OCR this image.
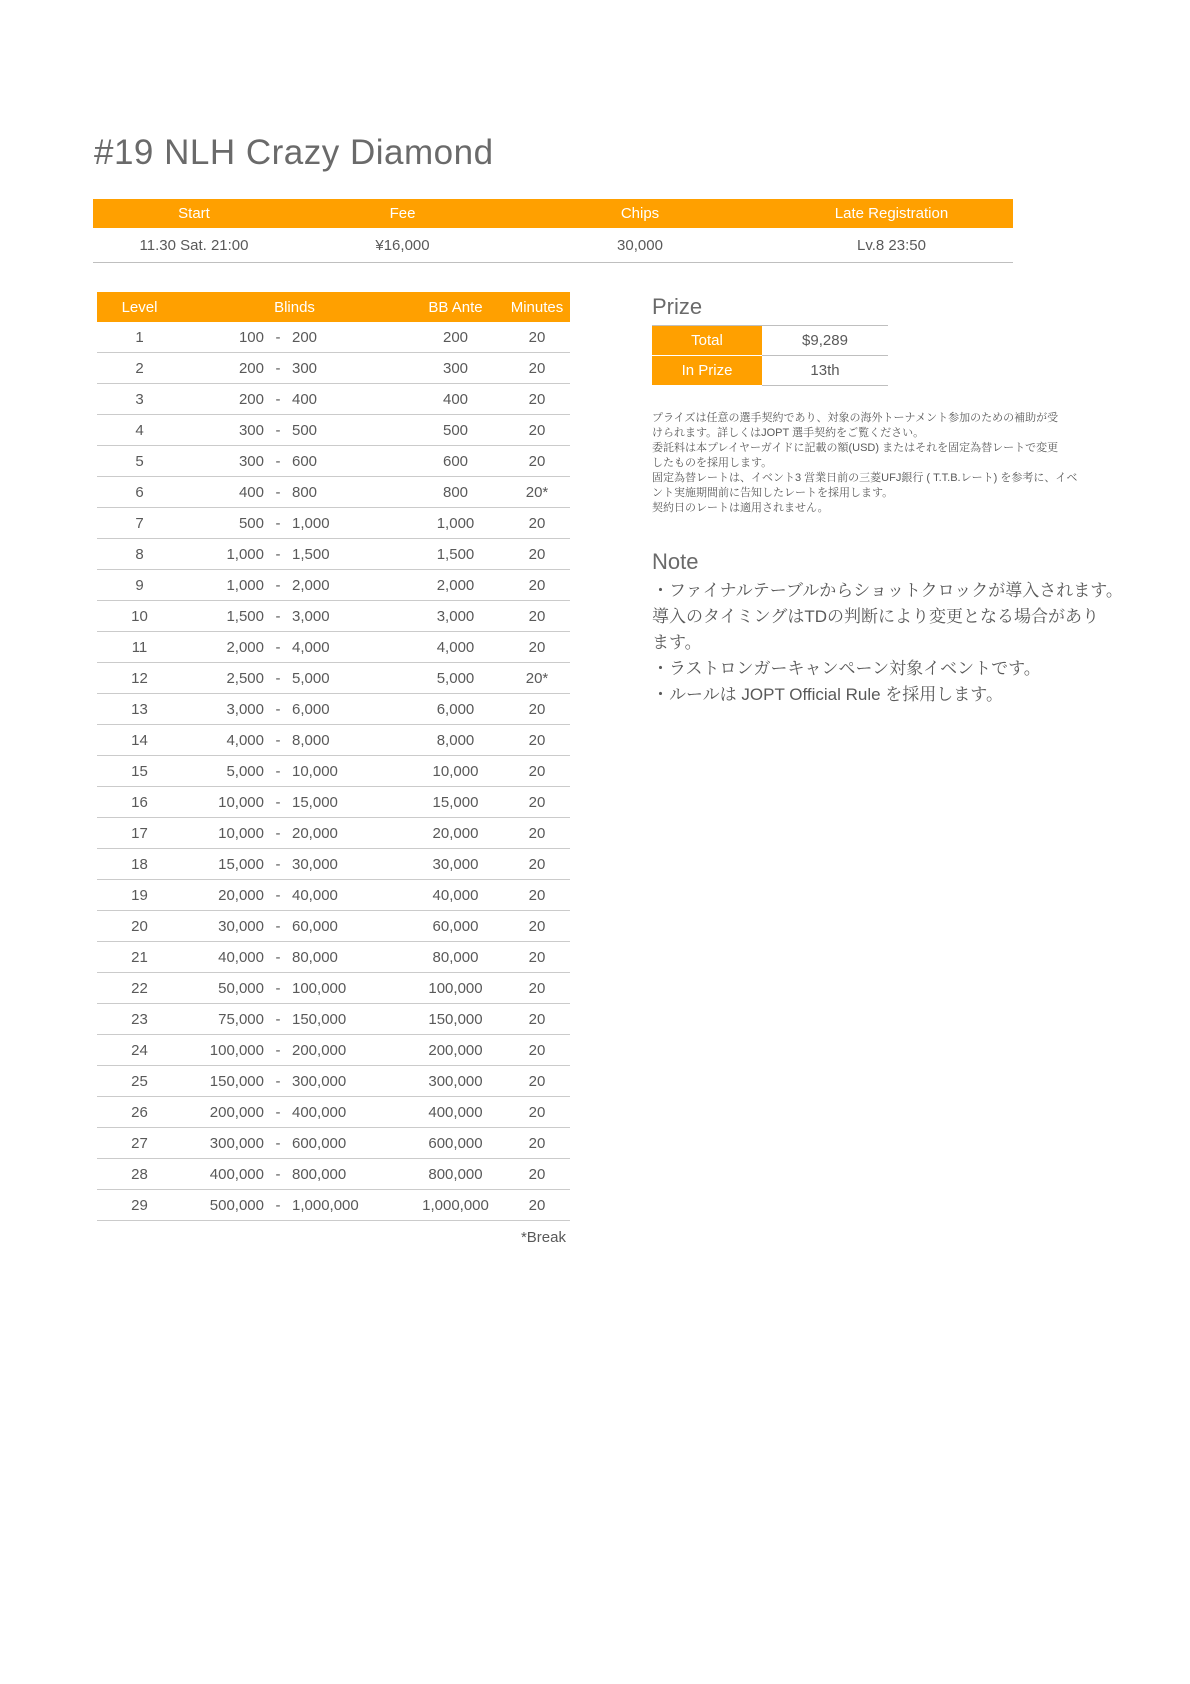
#19 NLH Crazy Diamond
Start	Fee	Chips	Late Registration
11.30 Sat. 21:00	¥16,000	30,000	Lv.8 23:50
Level	Blinds	BB Ante	Minutes
1	100 - 200	200	20
2	200 - 300	300	20
3	200 - 400	400	20
4	300 - 500	500	20
5	300 - 600	600	20
6	400 - 800	800	20*
7	500 - 1,000	1,000	20
8	1,000 - 1,500	1,500	20
9	1,000 - 2,000	2,000	20
10	1,500 - 3,000	3,000	20
11	2,000 - 4,000	4,000	20
12	2,500 - 5,000	5,000	20*
13	3,000 - 6,000	6,000	20
14	4,000 - 8,000	8,000	20
15	5,000 - 10,000	10,000	20
16	10,000 - 15,000	15,000	20
17	10,000 - 20,000	20,000	20
18	15,000 - 30,000	30,000	20
19	20,000 - 40,000	40,000	20
20	30,000 - 60,000	60,000	20
21	40,000 - 80,000	80,000	20
22	50,000 - 100,000	100,000	20
23	75,000 - 150,000	150,000	20
24	100,000 - 200,000	200,000	20
25	150,000 - 300,000	300,000	20
26	200,000 - 400,000	400,000	20
27	300,000 - 600,000	600,000	20
28	400,000 - 800,000	800,000	20
29	500,000 - 1,000,000	1,000,000	20
*Break
Prize
Total	$9,289
In Prize	13th
プライズは任意の選手契約であり、対象の海外トーナメント参加のための補助が受
けられます。詳しくはJOPT 選手契約をご覧ください。
委託料は本プレイヤーガイドに記載の額(USD) またはそれを固定為替レートで変更
したものを採用します。
固定為替レートは、イベント3 営業日前の三菱UFJ銀行 ( T.T.B.レート) を参考に、イベ
ント実施期間前に告知したレートを採用します。
契約日のレートは適用されません。
Note
・ファイナルテーブルからショットクロックが導入されます。
導入のタイミングはTDの判断により変更となる場合があり
ます。
・ラストロンガーキャンペーン対象イベントです。
・ルールは JOPT Official Rule を採用します。
